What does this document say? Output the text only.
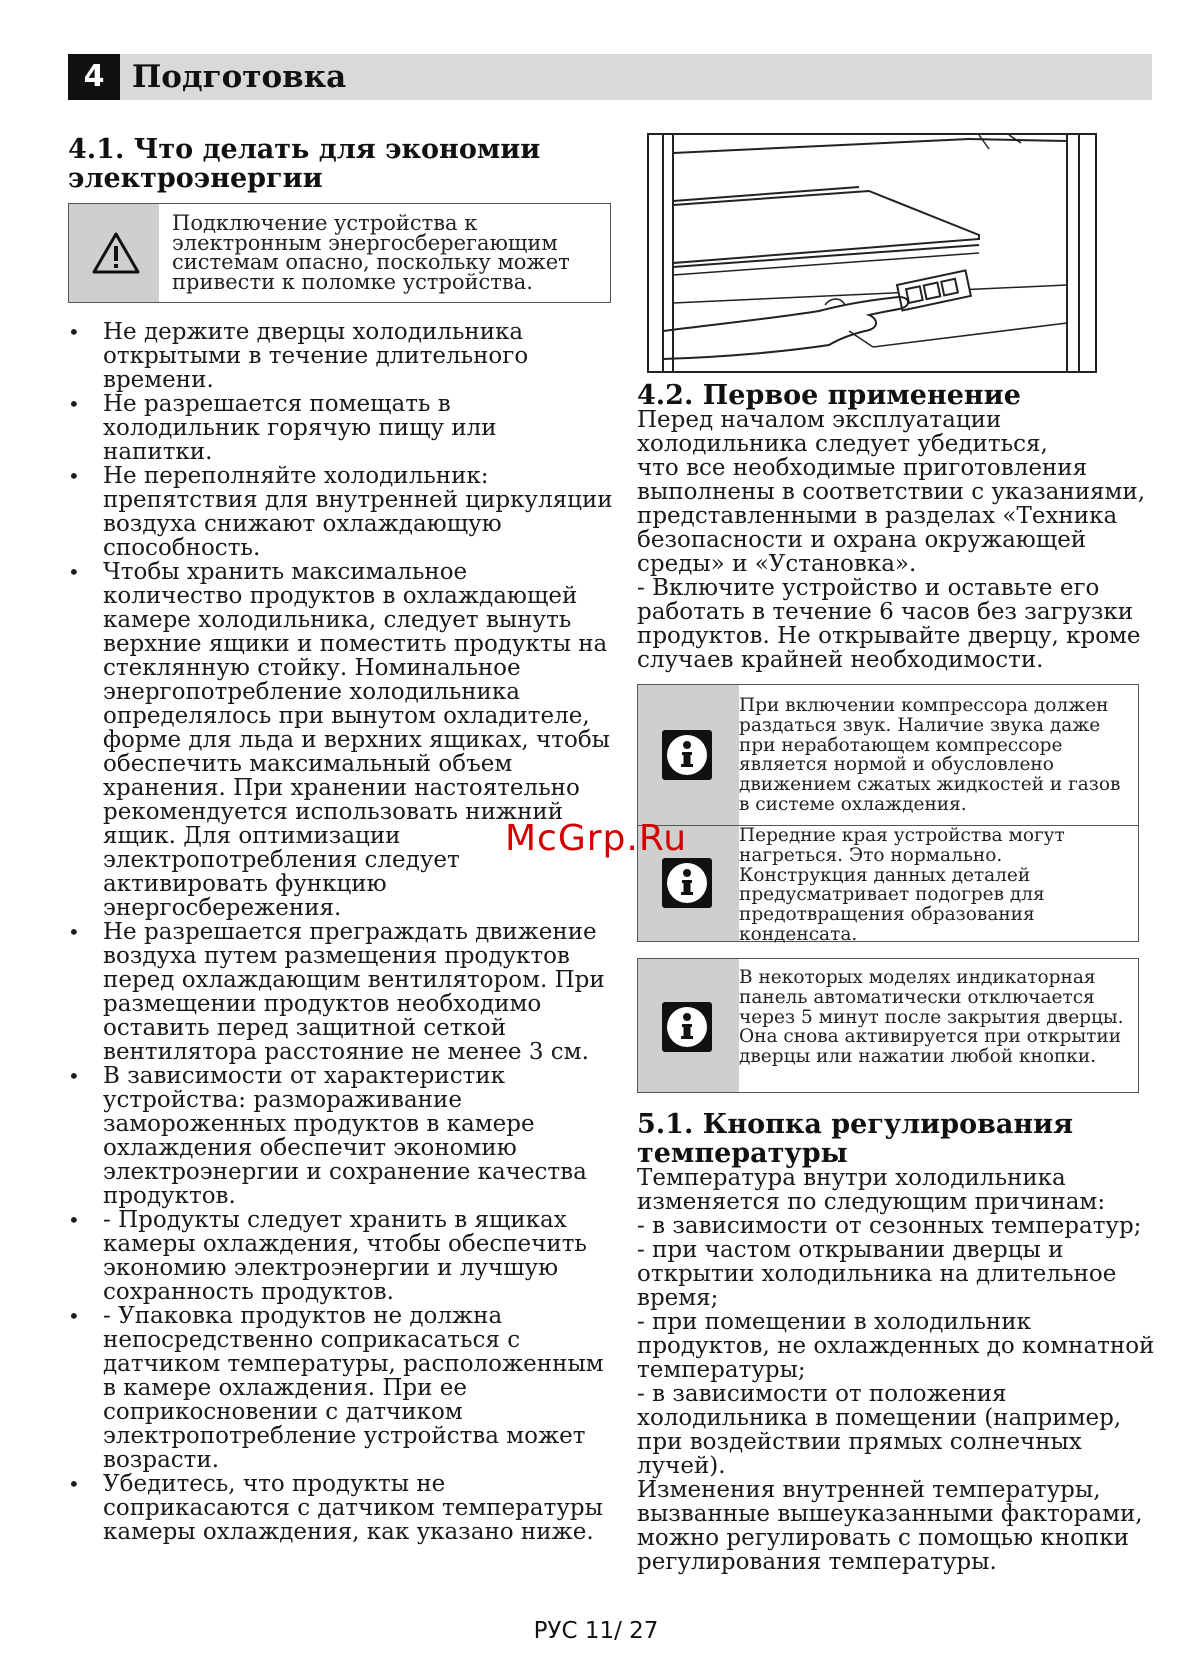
4 Подготовка
4.1. Что делать для экономии
электроэнергии
Подключение устройства к электронным энергосберегающим системам опасно, поскольку может привести к поломке устройства.
• Не держите дверцы холодильника открытыми в течение длительного времени.
• Не разрешается помещать в холодильник горячую пищу или напитки.
• Не переполняйте холодильник: препятствия для внутренней циркуляции воздуха снижают охлаждающую способность.
• Чтобы хранить максимальное количество продуктов в охлаждающей камере холодильника, следует вынуть верхние ящики и поместить продукты на стеклянную стойку. Номинальное энергопотребление холодильника определялось при вынутом охладителе, форме для льда и верхних ящиках, чтобы обеспечить максимальный объем хранения. При хранении настоятельно рекомендуется использовать нижний ящик. Для оптимизации электропотребления следует активировать функцию энергосбережения.
• Не разрешается преграждать движение воздуха путем размещения продуктов перед охлаждающим вентилятором. При размещении продуктов необходимо оставить перед защитной сеткой вентилятора расстояние не менее 3 см.
• В зависимости от характеристик устройства: размораживание замороженных продуктов в камере охлаждения обеспечит экономию электроэнергии и сохранение качества продуктов.
• - Продукты следует хранить в ящиках камеры охлаждения, чтобы обеспечить экономию электроэнергии и лучшую сохранность продуктов.
• - Упаковка продуктов не должна непосредственно соприкасаться с датчиком температуры, расположенным в камере охлаждения. При ее соприкосновении с датчиком электропотребление устройства может возрасти.
• Убедитесь, что продукты не соприкасаются с датчиком температуры камеры охлаждения, как указано ниже.
4.2. Первое применение
Перед началом эксплуатации
холодильника следует убедиться,
что все необходимые приготовления
выполнены в соответствии с указаниями,
представленными в разделах «Техника
безопасности и охрана окружающей
среды» и «Установка».
- Включите устройство и оставьте его
работать в течение 6 часов без загрузки
продуктов. Не открывайте дверцу, кроме
случаев крайней необходимости.
При включении компрессора должен раздаться звук. Наличие звука даже при неработающем компрессоре является нормой и обусловлено движением сжатых жидкостей и газов в системе охлаждения.
Передние края устройства могут нагреться. Это нормально. Конструкция данных деталей предусматривает подогрев для предотвращения образования конденсата.
В некоторых моделях индикаторная панель автоматически отключается через 5 минут после закрытия дверцы. Она снова активируется при открытии дверцы или нажатии любой кнопки.
5.1. Кнопка регулирования
температуры
Температура внутри холодильника
изменяется по следующим причинам:
- в зависимости от сезонных температур;
- при частом открывании дверцы и
открытии холодильника на длительное
время;
- при помещении в холодильник
продуктов, не охлажденных до комнатной
температуры;
- в зависимости от положения
холодильника в помещении (например,
при воздействии прямых солнечных
лучей).
Изменения внутренней температуры,
вызванные вышеуказанными факторами,
можно регулировать с помощью кнопки
регулирования температуры.
McGrp.Ru
РУС 11/ 27
